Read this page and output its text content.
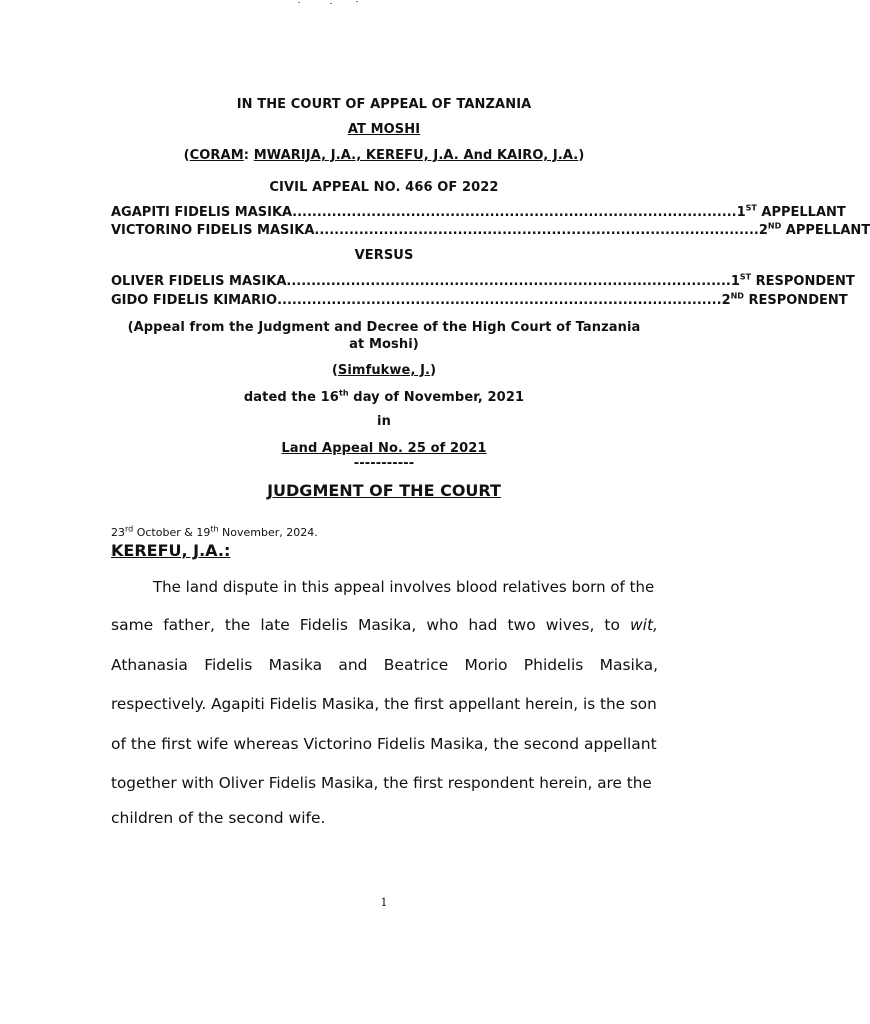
IN THE COURT OF APPEAL OF TANZANIA
AT MOSHI
(CORAM: MWARIJA, J.A., KEREFU, J.A. And KAIRO, J.A.)
CIVIL APPEAL NO. 466 OF 2022
AGAPITI FIDELIS MASIKA .......................................................................................... 1ST APPELLANT
VICTORINO FIDELIS MASIKA .......................................................................................... 2ND APPELLANT
VERSUS
OLIVER FIDELIS MASIKA .......................................................................................... 1ST RESPONDENT
GIDO FIDELIS KIMARIO .......................................................................................... 2ND RESPONDENT
(Appeal from the Judgment and Decree of the High Court of Tanzania
at Moshi)
(Simfukwe, J.)
dated the 16th day of November, 2021
in
Land Appeal No. 25 of 2021
-----------
JUDGMENT OF THE COURT
23rd October & 19th November, 2024.
KEREFU, J.A.:
The land dispute in this appeal involves blood relatives born of the
same father, the late Fidelis Masika, who had two wives, to wit,
Athanasia Fidelis Masika and Beatrice Morio Phidelis Masika,
respectively. Agapiti Fidelis Masika, the first appellant herein, is the son
of the first wife whereas Victorino Fidelis Masika, the second appellant
together with Oliver Fidelis Masika, the first respondent herein, are the
children of the second wife.
1
